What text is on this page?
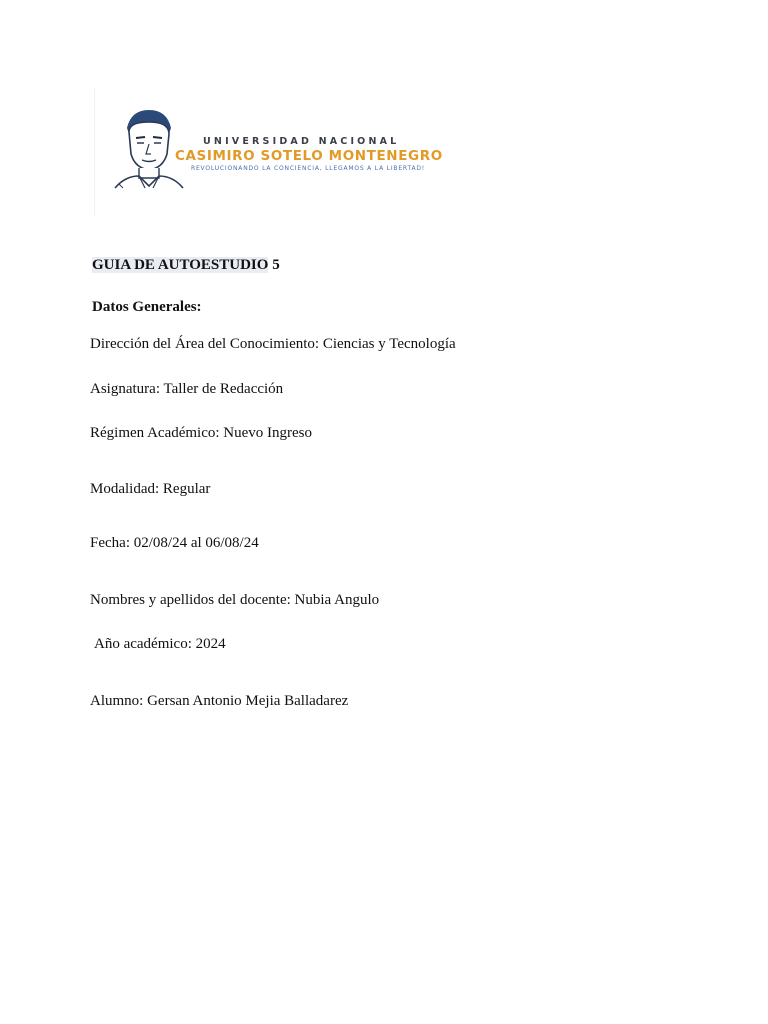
UNIVERSIDAD NACIONAL
CASIMIRO SOTELO MONTENEGRO
REVOLUCIONANDO LA CONCIENCIA, LLEGAMOS A LA LIBERTAD!
GUIA DE AUTOESTUDIO 5
Datos Generales:
Dirección del Área del Conocimiento: Ciencias y Tecnología
Asignatura: Taller de Redacción
Régimen Académico: Nuevo Ingreso
Modalidad: Regular
Fecha: 02/08/24 al 06/08/24
Nombres y apellidos del docente: Nubia Angulo
Año académico: 2024
Alumno: Gersan Antonio Mejia Balladarez
